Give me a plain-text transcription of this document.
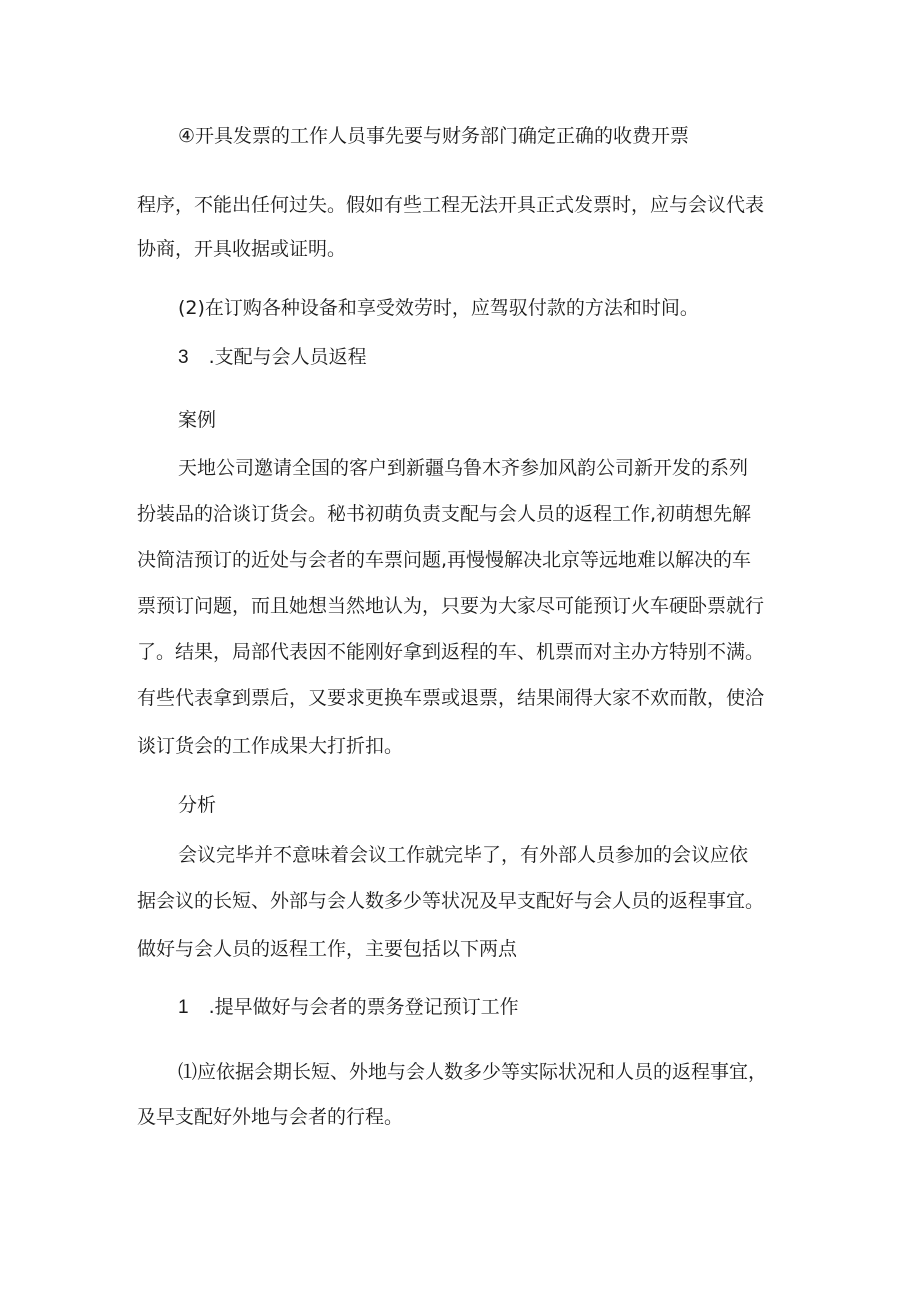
④开具发票的工作人员事先要与财务部门确定正确的收费开票
程序，不能出任何过失。假如有些工程无法开具正式发票时，应与会议代表
协商，开具收据或证明。
(2)在订购各种设备和享受效劳时，应驾驭付款的方法和时间。
3 .支配与会人员返程
案例
天地公司邀请全国的客户到新疆乌鲁木齐参加风韵公司新开发的系列
扮装品的洽谈订货会。秘书初萌负责支配与会人员的返程工作,初萌想先解
决简洁预订的近处与会者的车票问题,再慢慢解决北京等远地难以解决的车
票预订问题，而且她想当然地认为，只要为大家尽可能预订火车硬卧票就行
了。结果，局部代表因不能刚好拿到返程的车、机票而对主办方特别不满。
有些代表拿到票后，又要求更换车票或退票，结果闹得大家不欢而散，使洽
谈订货会的工作成果大打折扣。
分析
会议完毕并不意味着会议工作就完毕了，有外部人员参加的会议应依
据会议的长短、外部与会人数多少等状况及早支配好与会人员的返程事宜。
做好与会人员的返程工作，主要包括以下两点
1 .提早做好与会者的票务登记预订工作
⑴应依据会期长短、外地与会人数多少等实际状况和人员的返程事宜，
及早支配好外地与会者的行程。
